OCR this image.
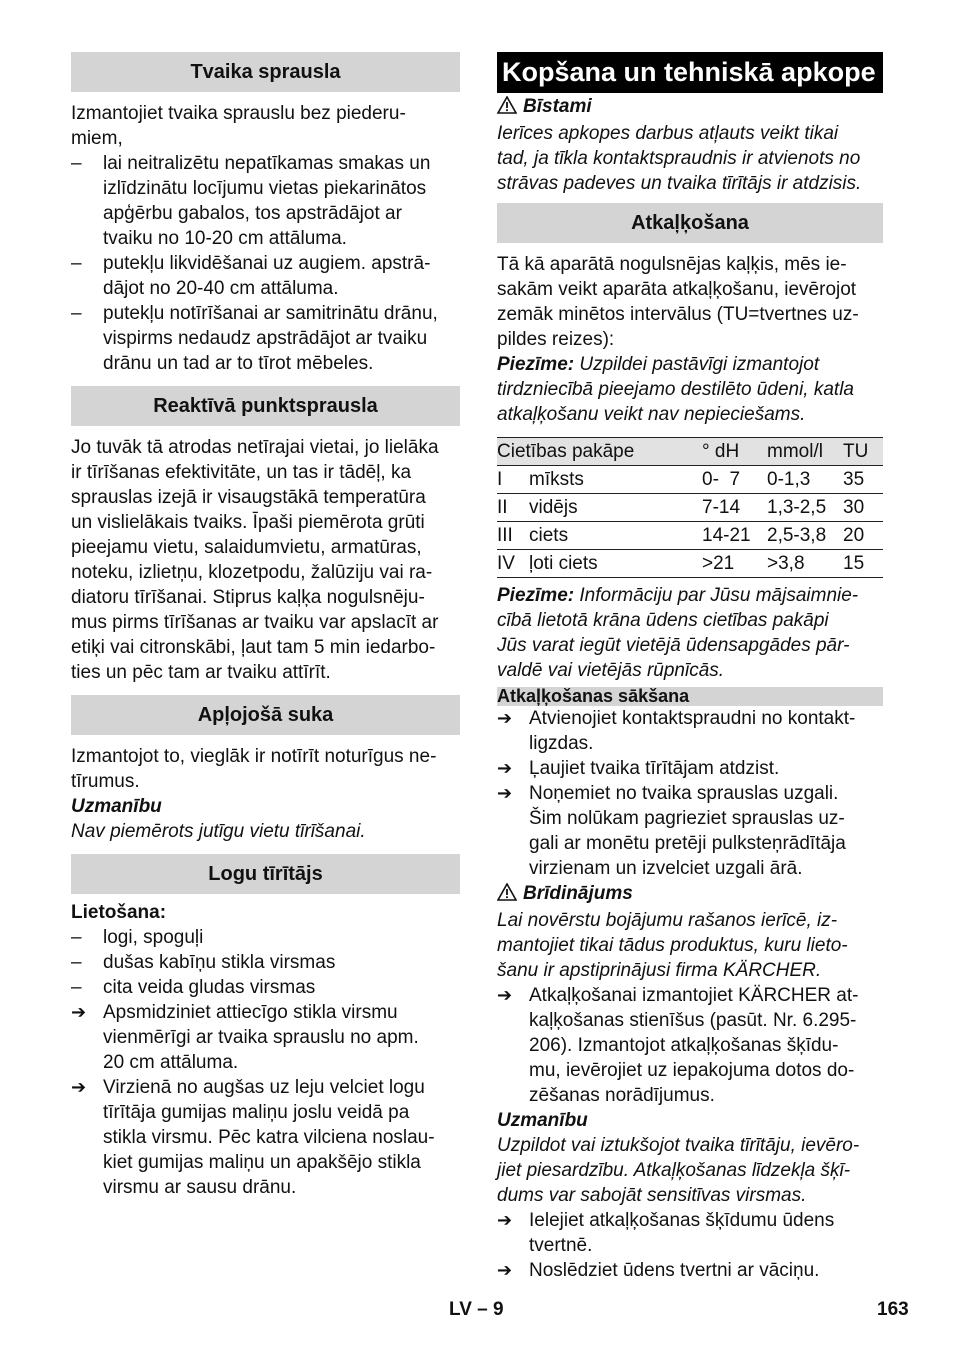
Tvaika sprausla

Izmantojiet tvaika sprauslu bez piederu-

miem,

–	lai neitralizētu nepatīkamas smakas un

izlīdzinātu locījumu vietas piekarinātos

apģērbu gabalos, tos apstrādājot ar

tvaiku no 10-20 cm attāluma.

–	putekļu likvidēšanai uz augiem. apstrā-

dājot no 20-40 cm attāluma.

–	putekļu notīrīšanai ar samitrinātu drānu,

vispirms nedaudz apstrādājot ar tvaiku

drānu un tad ar to tīrot mēbeles.

Reaktīvā punktsprausla

Jo tuvāk tā atrodas netīrajai vietai, jo lielāka

ir tīrīšanas efektivitāte, un tas ir tādēļ, ka

sprauslas izejā ir visaugstākā temperatūra

un vislielākais tvaiks. Īpaši piemērota grūti

pieejamu vietu, salaidumvietu, armatūras,

noteku, izlietņu, klozetpodu, žalūziju vai ra-

diatoru tīrīšanai. Stiprus kaļķa nogulsnēju-

mus pirms tīrīšanas ar tvaiku var apslacīt ar

etiķi vai citronskābi, ļaut tam 5 min iedarbo-

ties un pēc tam ar tvaiku attīrīt.

Apļojošā suka

Izmantojot to, vieglāk ir notīrīt noturīgus ne-

tīrumus.

Uzmanību

Nav piemērots jutīgu vietu tīrīšanai.

Logu tīrītājs

Lietošana:

–	logi, spoguļi
–	dušas kabīņu stikla virsmas
–	cita veida gludas virsmas
➔ Apsmidziniet attiecīgo stikla virsmu

vienmērīgi ar tvaika sprauslu no apm.

20 cm attāluma.

➔ Virzienā no augšas uz leju velciet logu

tīrītāja gumijas maliņu joslu veidā pa

stikla virsmu. Pēc katra vilciena noslau-

kiet gumijas maliņu un apakšējo stikla

virsmu ar sausu drānu.

Kopšana un tehniskā apkope

Bīstami

Ierīces apkopes darbus atļauts veikt tikai

tad, ja tīkla kontaktspraudnis ir atvienots no

strāvas padeves un tvaika tīrītājs ir atdzisis.

Atkaļķošana

Tā kā aparātā nogulsnējas kaļķis, mēs ie-

sakām veikt aparāta atkaļķošanu, ievērojot

zemāk minētos intervālus (TU=tvertnes uz-

pildes reizes):

Piezīme: Uzpildei pastāvīgi izmantojot

tirdzniecībā pieejamo destilēto ūdeni, katla

atkaļķošanu veikt nav nepieciešams.

Cietības pakāpe		° dH	mmol/l	TU
I	mīksts	0-  7	0-1,3	35
II	vidējs	7-14	1,3-2,5	30
III	ciets	14-21	2,5-3,8	20
IV	ļoti ciets	>21	>3,8	15

Piezīme: Informāciju par Jūsu mājsaimnie-

cībā lietotā krāna ūdens cietības pakāpi

Jūs varat iegūt vietējā ūdensapgādes pār-

valdē vai vietējās rūpnīcās.

Atkaļķošanas sākšana
➔ Atvienojiet kontaktspraudni no kontakt-

ligzdas.

➔ Ļaujiet tvaika tīrītājam atdzist.

➔ Noņemiet no tvaika sprauslas uzgali.

Šim nolūkam pagrieziet sprauslas uz-

gali ar monētu pretēji pulksteņrādītāja

virzienam un izvelciet uzgali ārā.

Brīdinājums

Lai novērstu bojājumu rašanos ierīcē, iz-

mantojiet tikai tādus produktus, kuru lieto-

šanu ir apstiprinājusi firma KÄRCHER.

➔ Atkaļķošanai izmantojiet KÄRCHER at-

kaļķošanas stienīšus (pasūt. Nr. 6.295-

206). Izmantojot atkaļķošanas šķīdu-

mu, ievērojiet uz iepakojuma dotos do-

zēšanas norādījumus.

Uzmanību

Uzpildot vai iztukšojot tvaika tīrītāju, ievēro-

jiet piesardzību. Atkaļķošanas līdzekļa šķī-

dums var sabojāt sensitīvas virsmas.

➔ Ielejiet atkaļķošanas šķīdumu ūdens

tvertnē.

➔ Noslēdziet ūdens tvertni ar vāciņu.

LV – 9	163
